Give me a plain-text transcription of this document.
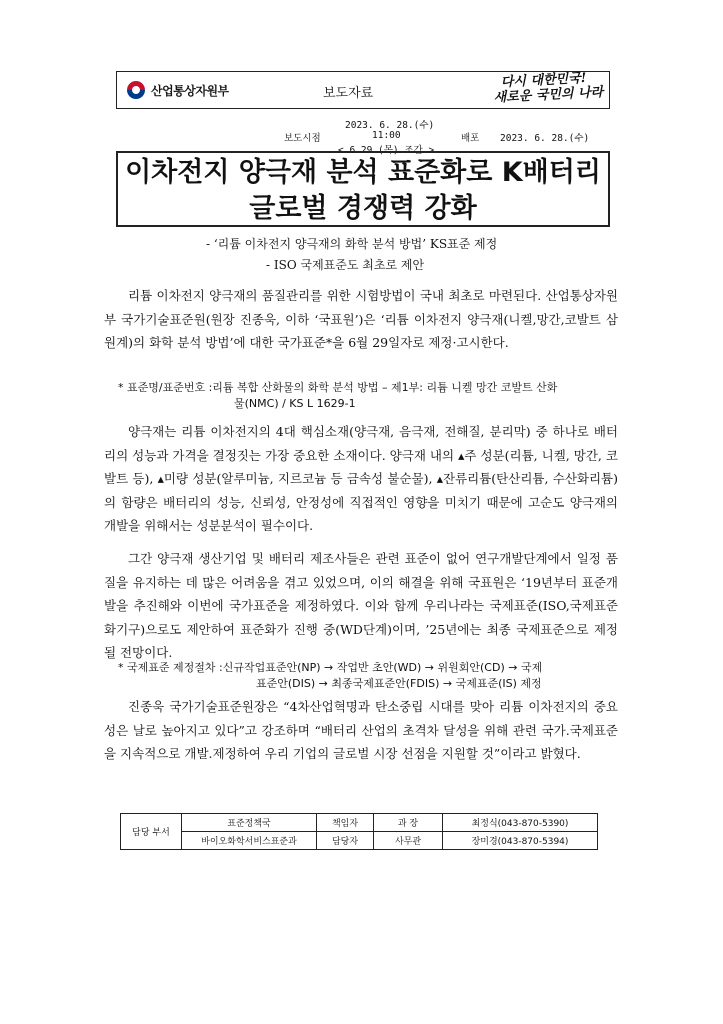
산업통상자원부	보도자료
다시 대한민국!
새로운 국민의 나라
2023. 6. 28.(수)
보도시점	11:00	배포 2023. 6. 28.(수)
< 6.29.(목) 조간 >
이차전지 양극재 분석 표준화로 K배터리
글로벌 경쟁력 강화
- ‘리튬 이차전지 양극재의 화학 분석 방법’ KS표준 제정
- ISO 국제표준도 최초로 제안

리튬 이차전지 양극재의 품질관리를 위한 시험방법이 국내 최초로 마련된다. 산업통상자원부 국가기술표준원(원장 진종욱, 이하 ‘국표원’)은 ‘리튬 이차전지 양극재(니켈,망간,코발트 삼원계)의 화학 분석 방법’에 대한 국가표준*을 6월 29일자로 제정·고시한다.

* 표준명/표준번호 :리튬 복합 산화물의 화학 분석 방법 – 제1부: 리튬 니켈 망간 코발트 산화
물(NMC) / KS L 1629-1

양극재는 리튬 이차전지의 4대 핵심소재(양극재, 음극재, 전해질, 분리막) 중 하나로 배터리의 성능과 가격을 결정짓는 가장 중요한 소재이다. 양극재 내의 ▴주 성분(리튬, 니켈, 망간, 코발트 등), ▴미량 성분(알루미늄, 지르코늄 등 금속성 불순물), ▴잔류리튬(탄산리튬, 수산화리튬)의 함량은 배터리의 성능, 신뢰성, 안정성에 직접적인 영향을 미치기 때문에 고순도 양극재의 개발을 위해서는 성분분석이 필수이다.

그간 양극재 생산기업 및 배터리 제조사들은 관련 표준이 없어 연구개발단계에서 일정 품질을 유지하는 데 많은 어려움을 겪고 있었으며, 이의 해결을 위해 국표원은 ‘19년부터 표준개발을 추진해와 이번에 국가표준을 제정하였다. 이와 함께 우리나라는 국제표준(ISO,국제표준화기구)으로도 제안하여 표준화가 진행 중(WD단계)이며, ’25년에는 최종 국제표준으로 제정될 전망이다.

* 국제표준 제정절차 :신규작업표준안(NP) → 작업반 초안(WD) → 위원회안(CD) → 국제
표준안(DIS) → 최종국제표준안(FDIS) → 국제표준(IS) 제정

진종욱 국가기술표준원장은 “4차산업혁명과 탄소중립 시대를 맞아 리튬 이차전지의 중요성은 날로 높아지고 있다”고 강조하며 “배터리 산업의 초격차 달성을 위해 관련 국가.국제표준을 지속적으로 개발.제정하여 우리 기업의 글로벌 시장 선점을 지원할 것”이라고 밝혔다.

담당 부서	표준정책국	책임자	과 장	최정식(043-870-5390)
	바이오화학서비스표준과	담당자	사무관	장미경(043-870-5394)
